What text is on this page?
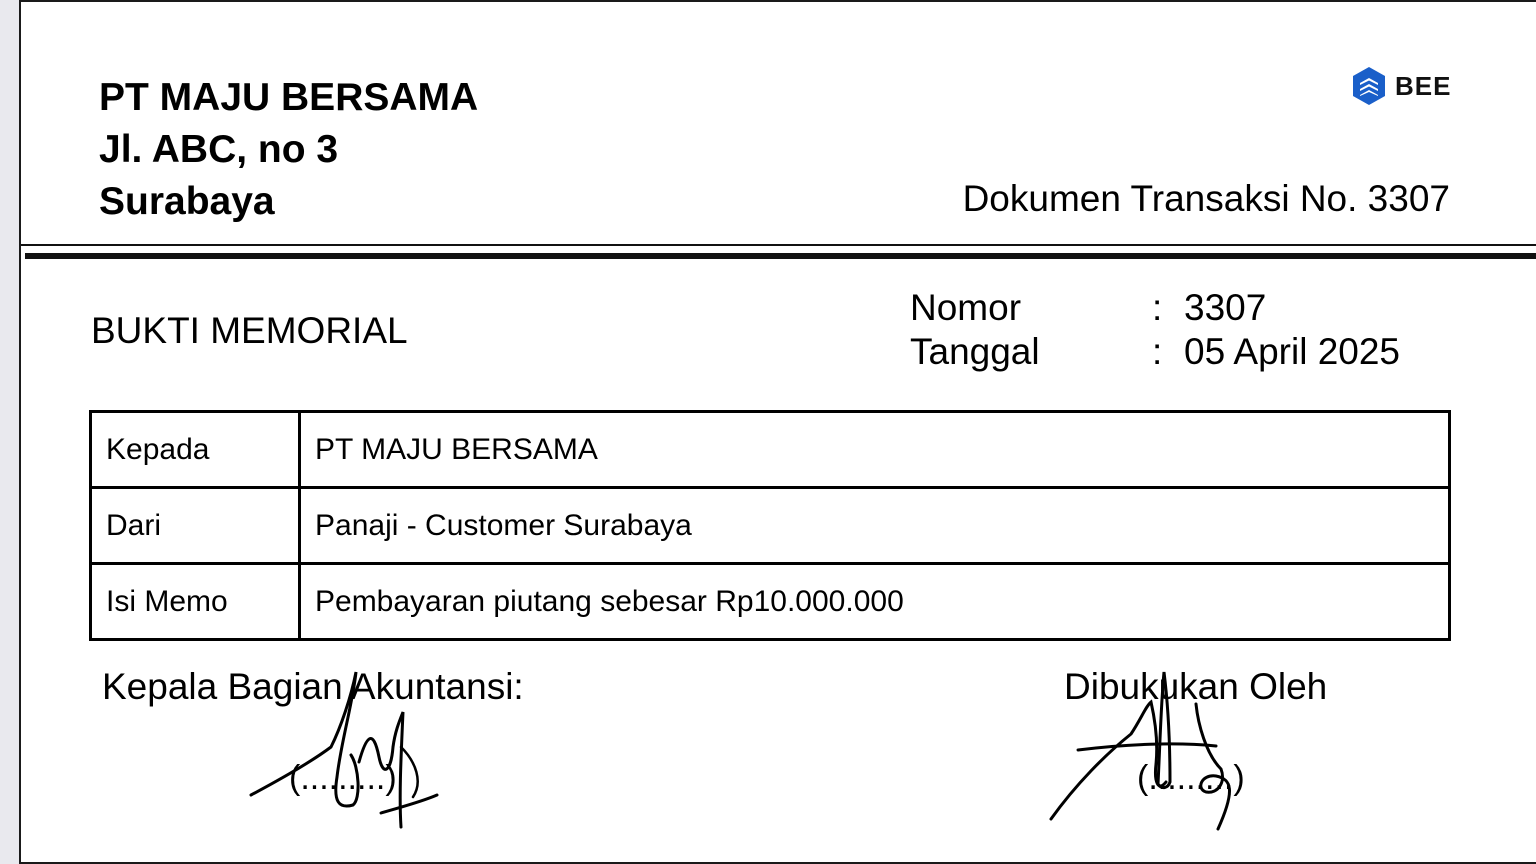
PT MAJU BERSAMA
Jl. ABC, no 3
Surabaya
BEE
Dokumen Transaksi No. 3307
BUKTI MEMORIAL
Nomor	: 3307
Tanggal	: 05 April 2025
Kepada	PT MAJU BERSAMA
Dari	Panaji - Customer Surabaya
Isi Memo	Pembayaran piutang sebesar Rp10.000.000
Kepala Bagian Akuntansi:	Dibukukan Oleh
(.........)	(.........)
